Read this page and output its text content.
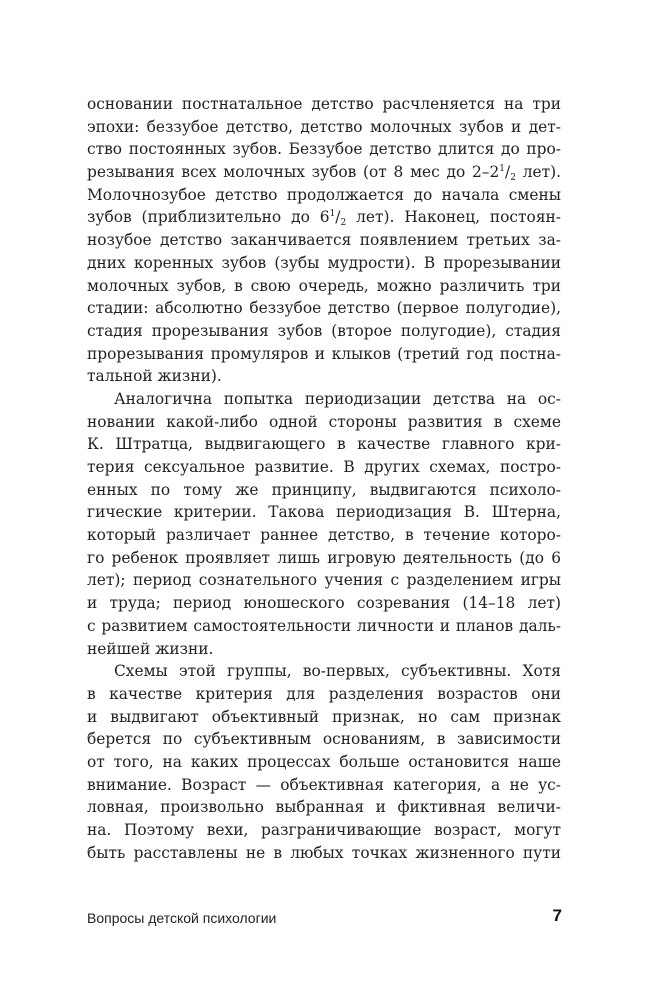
основании постнатальное детство расчленяется на три
эпохи: беззубое детство, детство молочных зубов и дет-
ство постоянных зубов. Беззубое детство длится до про-
резывания всех молочных зубов (от 8 мес до $2-2^1/_2$ лет).
Молочнозубое детство продолжается до начала смены
зубов (приблизительно до $6^1/_2$ лет). Наконец, постоян-
нозубое детство заканчивается появлением третьих за-
дних коренных зубов (зубы мудрости). В прорезывании
молочных зубов, в свою очередь, можно различить три
стадии: абсолютно беззубое детство (первое полугодие),
стадия прорезывания зубов (второе полугодие), стадия
прорезывания промуляров и клыков (третий год постна-
тальной жизни).
Аналогична попытка периодизации детства на ос-
новании какой-либо одной стороны развития в схеме
К. Штратца, выдвигающего в качестве главного кри-
терия сексуальное развитие. В других схемах, постро-
енных по тому же принципу, выдвигаются психоло-
гические критерии. Такова периодизация В. Штерна,
который различает раннее детство, в течение которо-
го ребенок проявляет лишь игровую деятельность (до 6
лет); период сознательного учения с разделением игры
и труда; период юношеского созревания (14–18 лет)
с развитием самостоятельности личности и планов даль-
нейшей жизни.
Схемы этой группы, во-первых, субъективны. Хотя
в качестве критерия для разделения возрастов они
и выдвигают объективный признак, но сам признак
берется по субъективным основаниям, в зависимости
от того, на каких процессах больше остановится наше
внимание. Возраст — объективная категория, а не ус-
ловная, произвольно выбранная и фиктивная величи-
на. Поэтому вехи, разграничивающие возраст, могут
быть расставлены не в любых точках жизненного пути
Вопросы детской психологии	7
